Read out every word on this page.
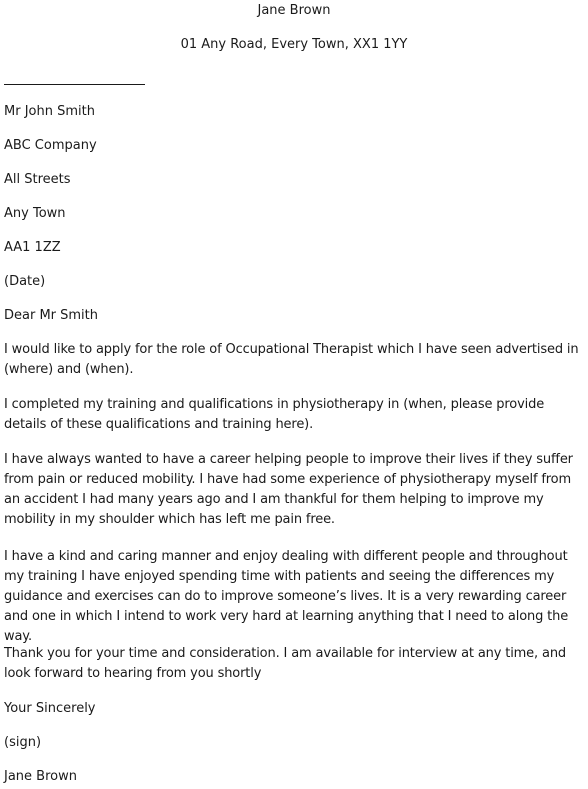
Jane Brown
01 Any Road, Every Town, XX1 1YY
Mr John Smith
ABC Company
All Streets
Any Town
AA1 1ZZ
(Date)
Dear Mr Smith
I would like to apply for the role of Occupational Therapist which I have seen advertised in (where) and (when).
I completed my training and qualifications in physiotherapy in (when, please provide details of these qualifications and training here).
I have always wanted to have a career helping people to improve their lives if they suffer from pain or reduced mobility. I have had some experience of physiotherapy myself from an accident I had many years ago and I am thankful for them helping to improve my mobility in my shoulder which has left me pain free.
I have a kind and caring manner and enjoy dealing with different people and throughout my training I have enjoyed spending time with patients and seeing the differences my guidance and exercises can do to improve someone’s lives. It is a very rewarding career and one in which I intend to work very hard at learning anything that I need to along the way.
Thank you for your time and consideration. I am available for interview at any time, and look forward to hearing from you shortly
Your Sincerely
(sign)
Jane Brown
